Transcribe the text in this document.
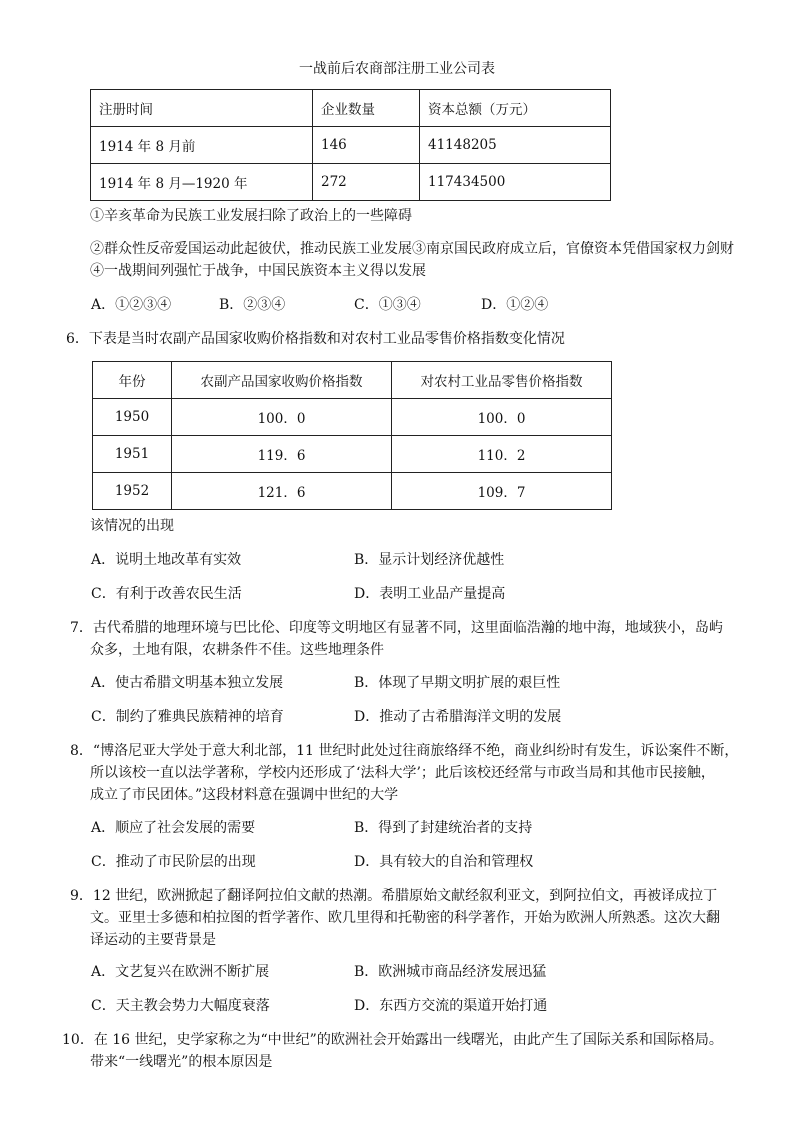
一战前后农商部注册工业公司表
注册时间	企业数量	资本总额（万元）
1914 年 8 月前	146	41148205
1914 年 8 月—1920 年	272	117434500
①辛亥革命为民族工业发展扫除了政治上的一些障碍
②群众性反帝爱国运动此起彼伏，推动民族工业发展③南京国民政府成立后，官僚资本凭借国家权力剑财
④一战期间列强忙于战争，中国民族资本主义得以发展
A．①②③④	B．②③④	C．①③④	D．①②④
6．下表是当时农副产品国家收购价格指数和对农村工业品零售价格指数变化情况
年份	农副产品国家收购价格指数	对农村工业品零售价格指数
1950	100．0	100．0
1951	119．6	110．2
1952	121．6	109．7
该情况的出现
A．说明土地改革有实效	B．显示计划经济优越性
C．有利于改善农民生活	D．表明工业品产量提高
7．古代希腊的地理环境与巴比伦、印度等文明地区有显著不同，这里面临浩瀚的地中海，地域狭小，岛屿
众多，土地有限，农耕条件不佳。这些地理条件
A．使古希腊文明基本独立发展	B．体现了早期文明扩展的艰巨性
C．制约了雅典民族精神的培育	D．推动了古希腊海洋文明的发展
8．“博洛尼亚大学处于意大利北部，11 世纪时此处过往商旅络绎不绝，商业纠纷时有发生，诉讼案件不断，
所以该校一直以法学著称，学校内还形成了‘法科大学’；此后该校还经常与市政当局和其他市民接触，
成立了市民团体。”这段材料意在强调中世纪的大学
A．顺应了社会发展的需要	B．得到了封建统治者的支持
C．推动了市民阶层的出现	D．具有较大的自治和管理权
9．12 世纪，欧洲掀起了翻译阿拉伯文献的热潮。希腊原始文献经叙利亚文，到阿拉伯文，再被译成拉丁
文。亚里士多德和柏拉图的哲学著作、欧几里得和托勒密的科学著作，开始为欧洲人所熟悉。这次大翻
译运动的主要背景是
A．文艺复兴在欧洲不断扩展	B．欧洲城市商品经济发展迅猛
C．天主教会势力大幅度衰落	D．东西方交流的渠道开始打通
10．在 16 世纪，史学家称之为“中世纪”的欧洲社会开始露出一线曙光，由此产生了国际关系和国际格局。
带来“一线曙光”的根本原因是
